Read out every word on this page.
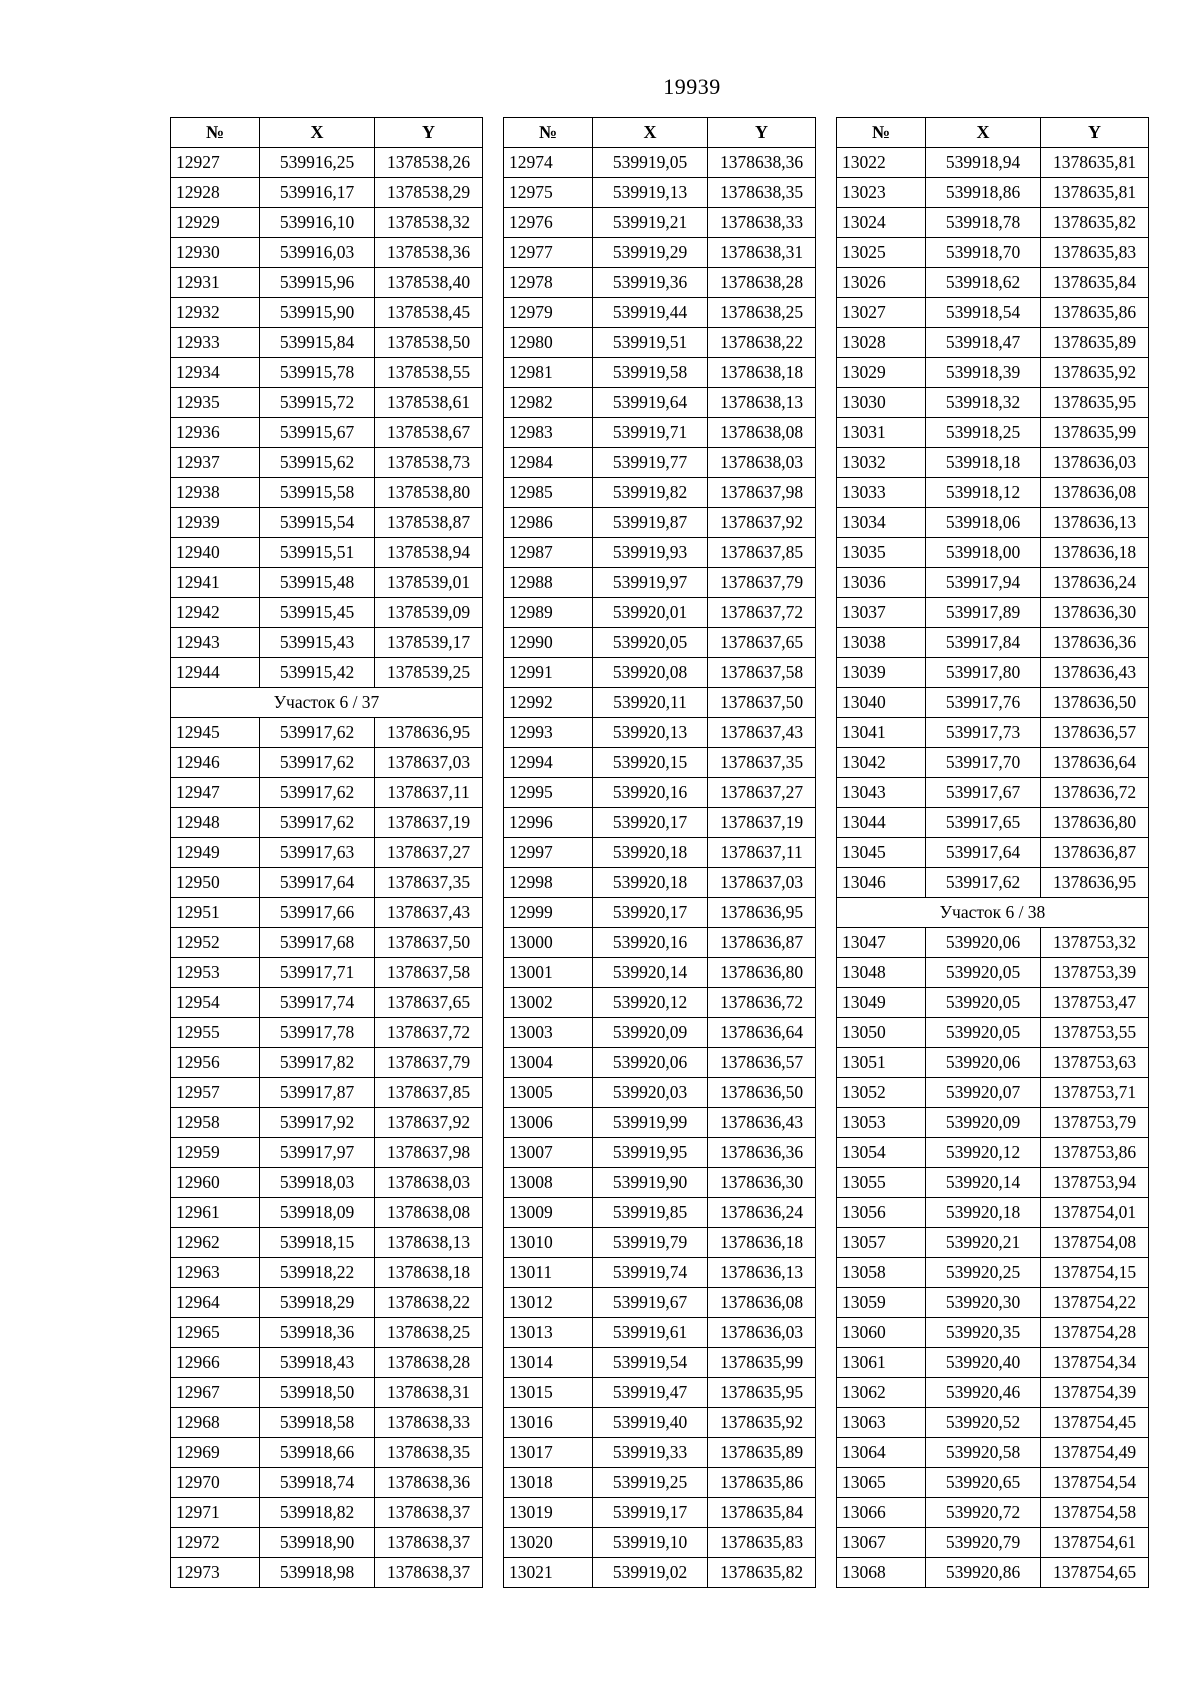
19939
№	X	Y
12927	539916,25	1378538,26
12928	539916,17	1378538,29
12929	539916,10	1378538,32
12930	539916,03	1378538,36
12931	539915,96	1378538,40
12932	539915,90	1378538,45
12933	539915,84	1378538,50
12934	539915,78	1378538,55
12935	539915,72	1378538,61
12936	539915,67	1378538,67
12937	539915,62	1378538,73
12938	539915,58	1378538,80
12939	539915,54	1378538,87
12940	539915,51	1378538,94
12941	539915,48	1378539,01
12942	539915,45	1378539,09
12943	539915,43	1378539,17
12944	539915,42	1378539,25
Участок 6 / 37		
12945	539917,62	1378636,95
12946	539917,62	1378637,03
12947	539917,62	1378637,11
12948	539917,62	1378637,19
12949	539917,63	1378637,27
12950	539917,64	1378637,35
12951	539917,66	1378637,43
12952	539917,68	1378637,50
12953	539917,71	1378637,58
12954	539917,74	1378637,65
12955	539917,78	1378637,72
12956	539917,82	1378637,79
12957	539917,87	1378637,85
12958	539917,92	1378637,92
12959	539917,97	1378637,98
12960	539918,03	1378638,03
12961	539918,09	1378638,08
12962	539918,15	1378638,13
12963	539918,22	1378638,18
12964	539918,29	1378638,22
12965	539918,36	1378638,25
12966	539918,43	1378638,28
12967	539918,50	1378638,31
12968	539918,58	1378638,33
12969	539918,66	1378638,35
12970	539918,74	1378638,36
12971	539918,82	1378638,37
12972	539918,90	1378638,37
12973	539918,98	1378638,37
№	X	Y
12974	539919,05	1378638,36
12975	539919,13	1378638,35
12976	539919,21	1378638,33
12977	539919,29	1378638,31
12978	539919,36	1378638,28
12979	539919,44	1378638,25
12980	539919,51	1378638,22
12981	539919,58	1378638,18
12982	539919,64	1378638,13
12983	539919,71	1378638,08
12984	539919,77	1378638,03
12985	539919,82	1378637,98
12986	539919,87	1378637,92
12987	539919,93	1378637,85
12988	539919,97	1378637,79
12989	539920,01	1378637,72
12990	539920,05	1378637,65
12991	539920,08	1378637,58
12992	539920,11	1378637,50
12993	539920,13	1378637,43
12994	539920,15	1378637,35
12995	539920,16	1378637,27
12996	539920,17	1378637,19
12997	539920,18	1378637,11
12998	539920,18	1378637,03
12999	539920,17	1378636,95
13000	539920,16	1378636,87
13001	539920,14	1378636,80
13002	539920,12	1378636,72
13003	539920,09	1378636,64
13004	539920,06	1378636,57
13005	539920,03	1378636,50
13006	539919,99	1378636,43
13007	539919,95	1378636,36
13008	539919,90	1378636,30
13009	539919,85	1378636,24
13010	539919,79	1378636,18
13011	539919,74	1378636,13
13012	539919,67	1378636,08
13013	539919,61	1378636,03
13014	539919,54	1378635,99
13015	539919,47	1378635,95
13016	539919,40	1378635,92
13017	539919,33	1378635,89
13018	539919,25	1378635,86
13019	539919,17	1378635,84
13020	539919,10	1378635,83
13021	539919,02	1378635,82
№	X	Y
13022	539918,94	1378635,81
13023	539918,86	1378635,81
13024	539918,78	1378635,82
13025	539918,70	1378635,83
13026	539918,62	1378635,84
13027	539918,54	1378635,86
13028	539918,47	1378635,89
13029	539918,39	1378635,92
13030	539918,32	1378635,95
13031	539918,25	1378635,99
13032	539918,18	1378636,03
13033	539918,12	1378636,08
13034	539918,06	1378636,13
13035	539918,00	1378636,18
13036	539917,94	1378636,24
13037	539917,89	1378636,30
13038	539917,84	1378636,36
13039	539917,80	1378636,43
13040	539917,76	1378636,50
13041	539917,73	1378636,57
13042	539917,70	1378636,64
13043	539917,67	1378636,72
13044	539917,65	1378636,80
13045	539917,64	1378636,87
13046	539917,62	1378636,95
Участок 6 / 38		
13047	539920,06	1378753,32
13048	539920,05	1378753,39
13049	539920,05	1378753,47
13050	539920,05	1378753,55
13051	539920,06	1378753,63
13052	539920,07	1378753,71
13053	539920,09	1378753,79
13054	539920,12	1378753,86
13055	539920,14	1378753,94
13056	539920,18	1378754,01
13057	539920,21	1378754,08
13058	539920,25	1378754,15
13059	539920,30	1378754,22
13060	539920,35	1378754,28
13061	539920,40	1378754,34
13062	539920,46	1378754,39
13063	539920,52	1378754,45
13064	539920,58	1378754,49
13065	539920,65	1378754,54
13066	539920,72	1378754,58
13067	539920,79	1378754,61
13068	539920,86	1378754,65
